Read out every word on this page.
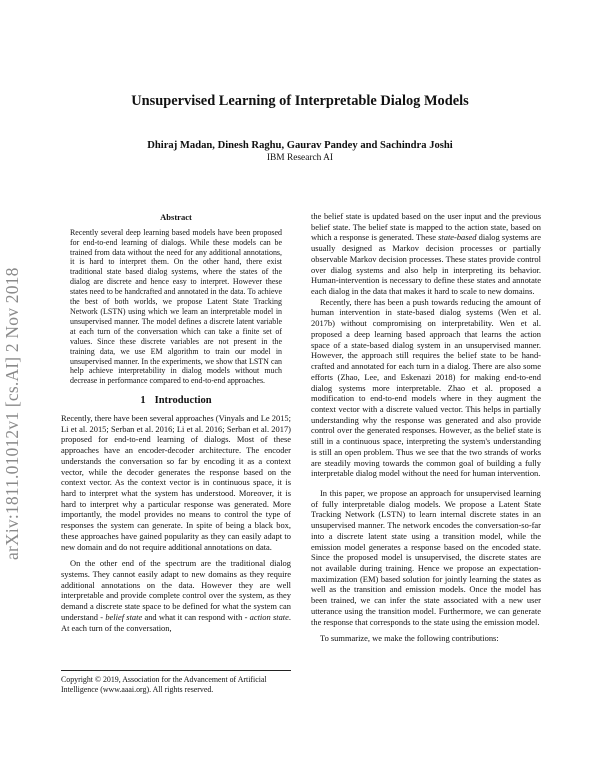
arXiv:1811.01012v1 [cs.AI] 2 Nov 2018
Unsupervised Learning of Interpretable Dialog Models
Dhiraj Madan, Dinesh Raghu, Gaurav Pandey and Sachindra Joshi
IBM Research AI

Abstract

Recently several deep learning based models have been proposed for end-to-end learning of dialogs. While these models can be trained from data without the need for any additional annotations, it is hard to interpret them. On the other hand, there exist traditional state based dialog systems, where the states of the dialog are discrete and hence easy to interpret. However these states need to be handcrafted and annotated in the data. To achieve the best of both worlds, we propose Latent State Tracking Network (LSTN) using which we learn an interpretable model in unsupervised manner. The model defines a discrete latent variable at each turn of the conversation which can take a finite set of values. Since these discrete variables are not present in the training data, we use EM algorithm to train our model in unsupervised manner. In the experiments, we show that LSTN can help achieve interpretability in dialog models without much decrease in performance compared to end-to-end approaches.

1 Introduction

Recently, there have been several approaches (Vinyals and Le 2015; Li et al. 2015; Serban et al. 2016; Li et al. 2016; Serban et al. 2017) proposed for end-to-end learning of dialogs. Most of these approaches have an encoder-decoder architecture. The encoder understands the conversation so far by encoding it as a context vector, while the decoder generates the response based on the context vector. As the context vector is in continuous space, it is hard to interpret what the system has understood. Moreover, it is hard to interpret why a particular response was generated. More importantly, the model provides no means to control the type of responses the system can generate. In spite of being a black box, these approaches have gained popularity as they can easily adapt to new domain and do not require additional annotations on data.

On the other end of the spectrum are the traditional dialog systems. They cannot easily adapt to new domains as they require additional annotations on the data. However they are well interpretable and provide complete control over the system, as they demand a discrete state space to be defined for what the system can understand - belief state and what it can respond with - action state. At each turn of the conversation,

Copyright © 2019, Association for the Advancement of Artificial Intelligence (www.aaai.org). All rights reserved.

the belief state is updated based on the user input and the previous belief state. The belief state is mapped to the action state, based on which a response is generated. These state-based dialog systems are usually designed as Markov decision processes or partially observable Markov decision processes. These states provide control over dialog systems and also help in interpreting its behavior. Human-intervention is necessary to define these states and annotate each dialog in the data that makes it hard to scale to new domains.

Recently, there has been a push towards reducing the amount of human intervention in state-based dialog systems (Wen et al. 2017b) without compromising on interpretability. Wen et al. proposed a deep learning based approach that learns the action space of a state-based dialog system in an unsupervised manner. However, the approach still requires the belief state to be hand-crafted and annotated for each turn in a dialog. There are also some efforts (Zhao, Lee, and Eskenazi 2018) for making end-to-end dialog systems more interpretable. Zhao et al. proposed a modification to end-to-end models where in they augment the context vector with a discrete valued vector. This helps in partially understanding why the response was generated and also provide control over the generated responses. However, as the belief state is still in a continuous space, interpreting the system's understanding is still an open problem. Thus we see that the two strands of works are steadily moving towards the common goal of building a fully interpretable dialog model without the need for human intervention.

In this paper, we propose an approach for unsupervised learning of fully interpretable dialog models. We propose a Latent State Tracking Network (LSTN) to learn internal discrete states in an unsupervised manner. The network encodes the conversation-so-far into a discrete latent state using a transition model, while the emission model generates a response based on the encoded state. Since the proposed model is unsupervised, the discrete states are not available during training. Hence we propose an expectation-maximization (EM) based solution for jointly learning the states as well as the transition and emission models. Once the model has been trained, we can infer the state associated with a new user utterance using the transition model. Furthermore, we can generate the response that corresponds to the state using the emission model.

To summarize, we make the following contributions:
